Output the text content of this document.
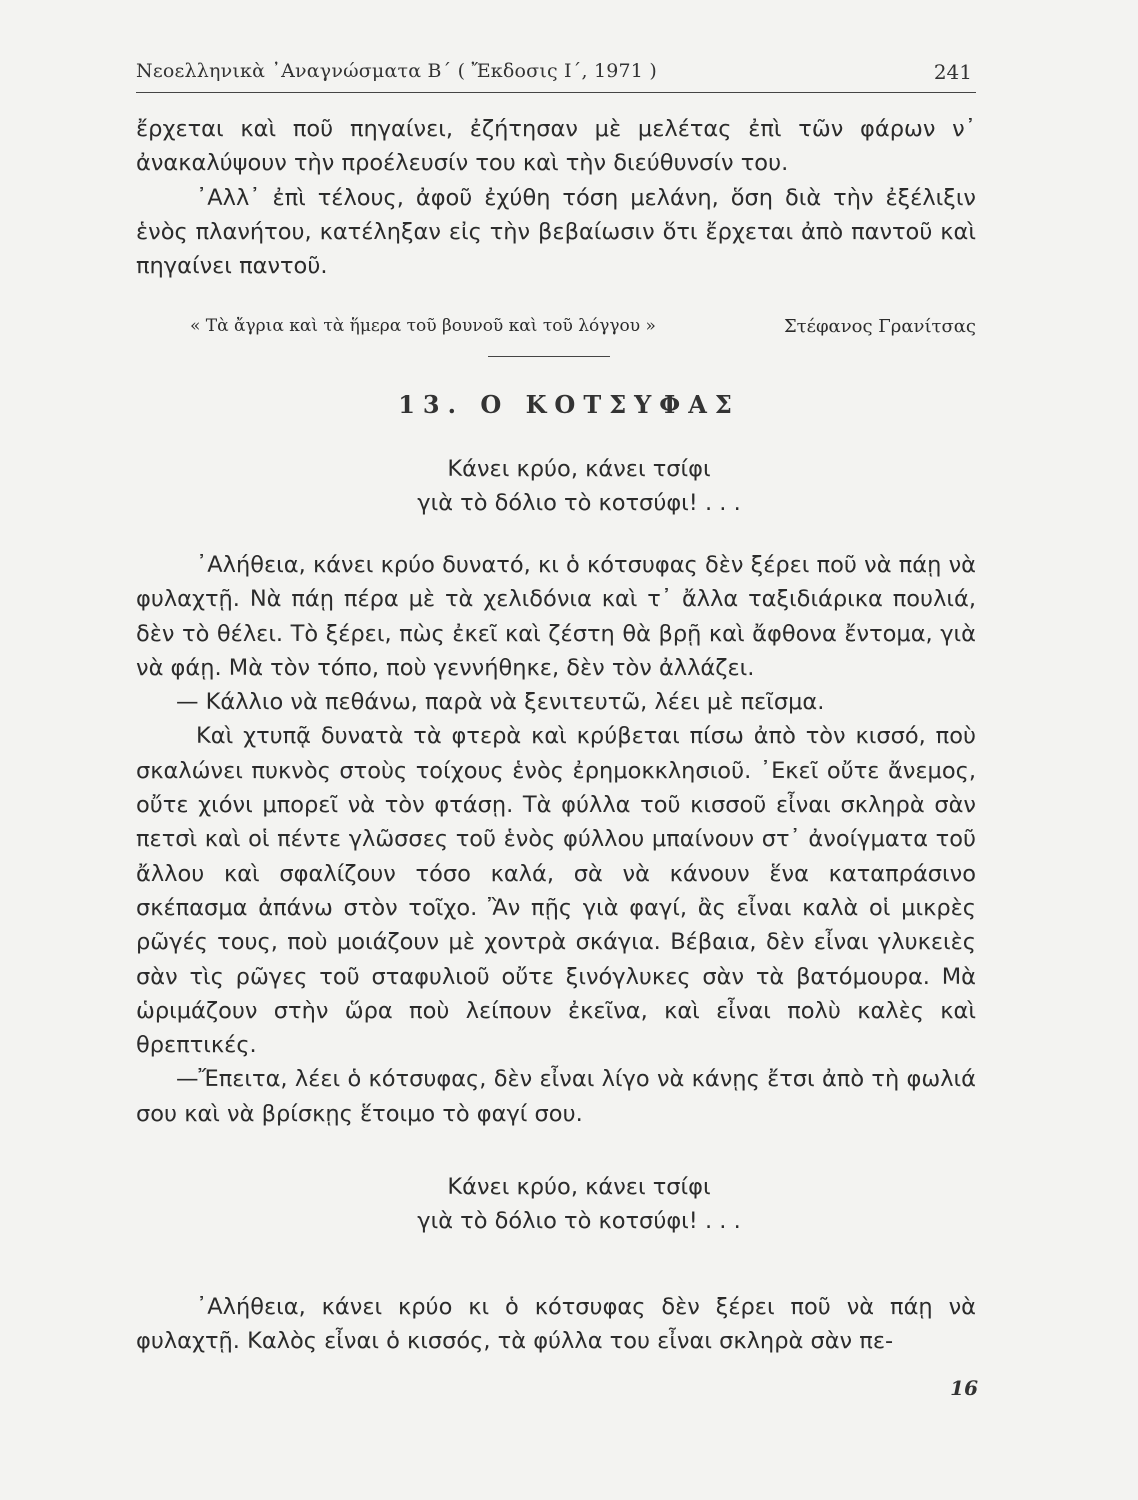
Νεοελληνικὰ ᾿Αναγνώσματα Β΄ ( Ἔκδοσις Ι΄, 1971 )	241

ἔρχεται καὶ ποῦ πηγαίνει, ἐζήτησαν μὲ μελέτας ἐπὶ τῶν φάρων ν᾿ ἀνακαλύψουν τὴν προέλευσίν του καὶ τὴν διεύθυνσίν του.

᾿Αλλ᾿ ἐπὶ τέλους, ἀφοῦ ἐχύθη τόση μελάνη, ὅση διὰ τὴν ἐξέλιξιν ἑνὸς πλανήτου, κατέληξαν εἰς τὴν βεβαίωσιν ὅτι ἔρχεται ἀπὸ παντοῦ καὶ πηγαίνει παντοῦ.

« Τὰ ἄγρια καὶ τὰ ἥμερα τοῦ βουνοῦ καὶ τοῦ λόγγου »	Στέφανος Γρανίτσας
13. Ο ΚΟΤΣΥΦΑΣ
Κάνει κρύο, κάνει τσίφι
γιὰ τὸ δόλιο τὸ κοτσύφι! . . .

᾿Αλήθεια, κάνει κρύο δυνατό, κι ὁ κότσυφας δὲν ξέρει ποῦ νὰ πάῃ νὰ φυλαχτῇ. Νὰ πάῃ πέρα μὲ τὰ χελιδόνια καὶ τ᾿ ἄλλα ταξιδιάρικα πουλιά, δὲν τὸ θέλει. Τὸ ξέρει, πὼς ἐκεῖ καὶ ζέστη θὰ βρῇ καὶ ἄφθονα ἔντομα, γιὰ νὰ φάῃ. Μὰ τὸν τόπο, ποὺ γεννήθηκε, δὲν τὸν ἀλλάζει.

— Κάλλιο νὰ πεθάνω, παρὰ νὰ ξενιτευτῶ, λέει μὲ πεῖσμα.

Καὶ χτυπᾷ δυνατὰ τὰ φτερὰ καὶ κρύβεται πίσω ἀπὸ τὸν κισσό, ποὺ σκαλώνει πυκνὸς στοὺς τοίχους ἑνὸς ἐρημοκκλησιοῦ. ᾿Εκεῖ οὔτε ἄνεμος, οὔτε χιόνι μπορεῖ νὰ τὸν φτάσῃ. Τὰ φύλλα τοῦ κισσοῦ εἶναι σκληρὰ σὰν πετσὶ καὶ οἱ πέντε γλῶσσες τοῦ ἑνὸς φύλλου μπαίνουν στ᾿ ἀνοίγματα τοῦ ἄλλου καὶ σφαλίζουν τόσο καλά, σὰ νὰ κάνουν ἕνα καταπράσινο σκέπασμα ἀπάνω στὸν τοῖχο. Ἂν πῇς γιὰ φαγί, ἂς εἶναι καλὰ οἱ μικρὲς ρῶγές τους, ποὺ μοιάζουν μὲ χοντρὰ σκάγια. Βέβαια, δὲν εἶναι γλυκειὲς σὰν τὶς ρῶγες τοῦ σταφυλιοῦ οὔτε ξινόγλυκες σὰν τὰ βατόμουρα. Μὰ ὡριμάζουν στὴν ὥρα ποὺ λείπουν ἐκεῖνα, καὶ εἶναι πολὺ καλὲς καὶ θρεπτικές.

—Ἔπειτα, λέει ὁ κότσυφας, δὲν εἶναι λίγο νὰ κάνῃς ἔτσι ἀπὸ τὴ φωλιά σου καὶ νὰ βρίσκῃς ἕτοιμο τὸ φαγί σου.

Κάνει κρύο, κάνει τσίφι
γιὰ τὸ δόλιο τὸ κοτσύφι! . . .

᾿Αλήθεια, κάνει κρύο κι ὁ κότσυφας δὲν ξέρει ποῦ νὰ πάῃ νὰ φυλαχτῇ. Καλὸς εἶναι ὁ κισσός, τὰ φύλλα του εἶναι σκληρὰ σὰν πε-

16
